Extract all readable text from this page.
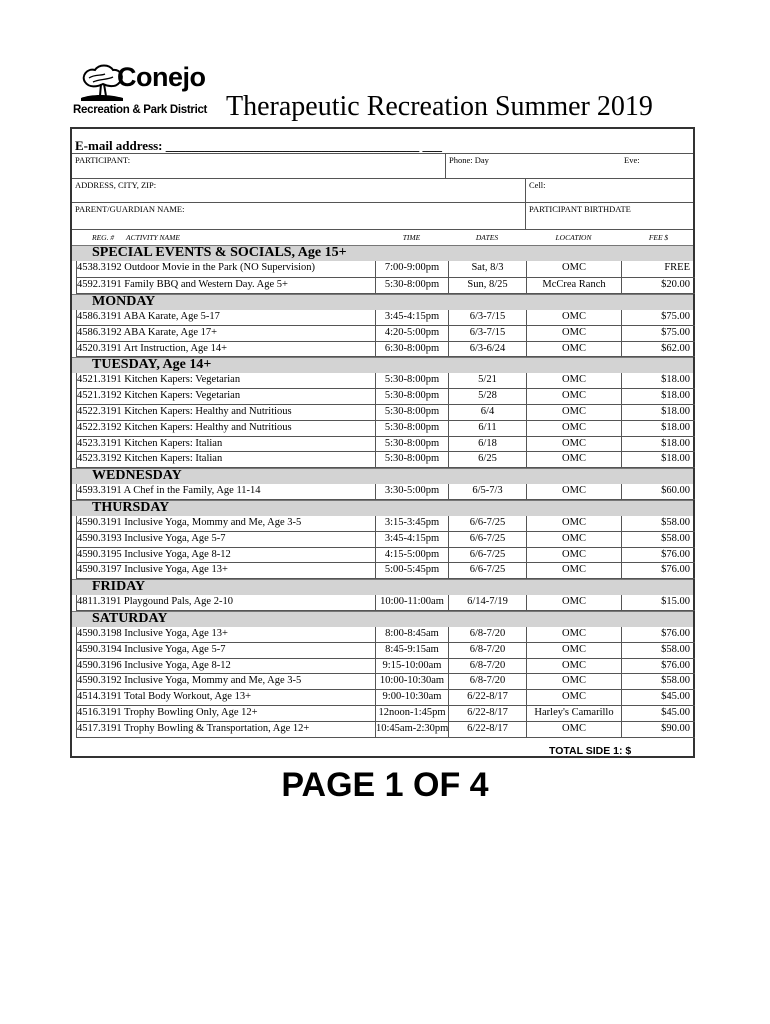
Conejo
Recreation & Park District Therapeutic Recreation Summer 2019
E-mail address: _______________________________________ ___
PARTICIPANT:	Phone: Day	Eve:
ADDRESS, CITY, ZIP:	Cell:
PARENT/GUARDIAN NAME:	PARTICIPANT BIRTHDATE
REG. # ACTIVITY NAME	TIME	DATES	LOCATION	FEE $
SPECIAL EVENTS & SOCIALS, Age 15+
4538.3192 Outdoor Movie in the Park (NO Supervision)	7:00-9:00pm	Sat, 8/3	OMC	FREE
4592.3191 Family BBQ and Western Day. Age 5+	5:30-8:00pm	Sun, 8/25	McCrea Ranch	$20.00
MONDAY
4586.3191 ABA Karate, Age 5-17	3:45-4:15pm	6/3-7/15	OMC	$75.00
4586.3192 ABA Karate, Age 17+	4:20-5:00pm	6/3-7/15	OMC	$75.00
4520.3191 Art Instruction, Age 14+	6:30-8:00pm	6/3-6/24	OMC	$62.00
TUESDAY, Age 14+
4521.3191 Kitchen Kapers: Vegetarian	5:30-8:00pm	5/21	OMC	$18.00
4521.3192 Kitchen Kapers: Vegetarian	5:30-8:00pm	5/28	OMC	$18.00
4522.3191 Kitchen Kapers: Healthy and Nutritious	5:30-8:00pm	6/4	OMC	$18.00
4522.3192 Kitchen Kapers: Healthy and Nutritious	5:30-8:00pm	6/11	OMC	$18.00
4523.3191 Kitchen Kapers: Italian	5:30-8:00pm	6/18	OMC	$18.00
4523.3192 Kitchen Kapers: Italian	5:30-8:00pm	6/25	OMC	$18.00
WEDNESDAY
4593.3191 A Chef in the Family, Age 11-14	3:30-5:00pm	6/5-7/3	OMC	$60.00
THURSDAY
4590.3191 Inclusive Yoga, Mommy and Me, Age 3-5	3:15-3:45pm	6/6-7/25	OMC	$58.00
4590.3193 Inclusive Yoga, Age 5-7	3:45-4:15pm	6/6-7/25	OMC	$58.00
4590.3195 Inclusive Yoga, Age 8-12	4:15-5:00pm	6/6-7/25	OMC	$76.00
4590.3197 Inclusive Yoga, Age 13+	5:00-5:45pm	6/6-7/25	OMC	$76.00
FRIDAY
4811.3191 Playgound Pals, Age 2-10	10:00-11:00am	6/14-7/19	OMC	$15.00
SATURDAY
4590.3198 Inclusive Yoga, Age 13+	8:00-8:45am	6/8-7/20	OMC	$76.00
4590.3194 Inclusive Yoga, Age 5-7	8:45-9:15am	6/8-7/20	OMC	$58.00
4590.3196 Inclusive Yoga, Age 8-12	9:15-10:00am	6/8-7/20	OMC	$76.00
4590.3192 Inclusive Yoga, Mommy and Me, Age 3-5	10:00-10:30am	6/8-7/20	OMC	$58.00
4514.3191 Total Body Workout, Age 13+	9:00-10:30am	6/22-8/17	OMC	$45.00
4516.3191 Trophy Bowling Only, Age 12+	12noon-1:45pm	6/22-8/17	Harley's Camarillo	$45.00
4517.3191 Trophy Bowling & Transportation, Age 12+	10:45am-2:30pm	6/22-8/17	OMC	$90.00
TOTAL SIDE 1: $
PAGE 1 OF 4
